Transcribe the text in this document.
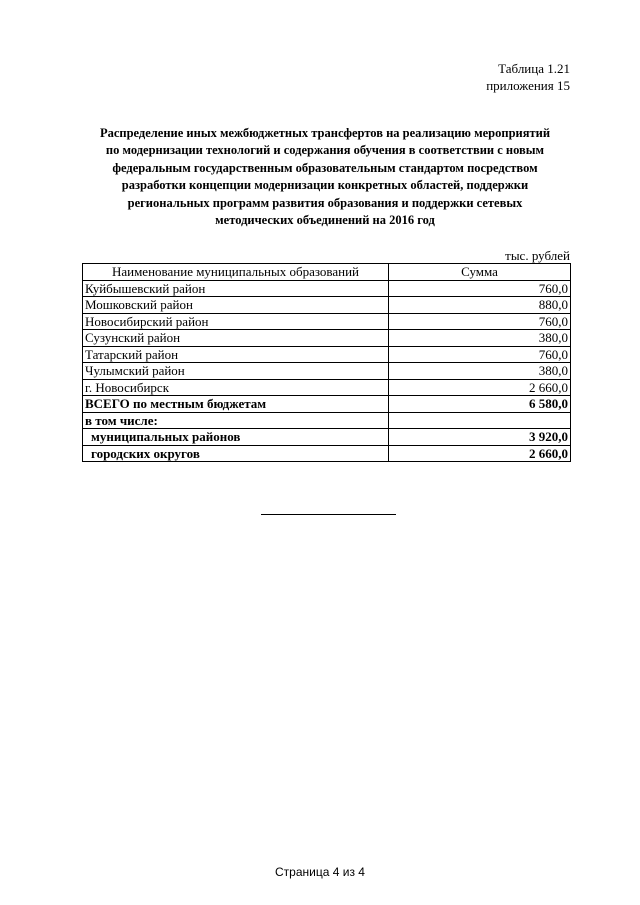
Таблица 1.21
приложения 15
Распределение иных межбюджетных трансфертов на реализацию мероприятий
по модернизации технологий и содержания обучения в соответствии с новым
федеральным государственным образовательным стандартом посредством
разработки концепции модернизации конкретных областей, поддержки
региональных программ развития образования и поддержки сетевых
методических объединений на 2016 год
тыс. рублей
Наименование муниципальных образований	Сумма
Куйбышевский район	760,0
Мошковский район	880,0
Новосибирский район	760,0
Сузунский район	380,0
Татарский район	760,0
Чулымский район	380,0
г. Новосибирск	2 660,0
ВСЕГО по местным бюджетам	6 580,0
в том числе:	
муниципальных районов	3 920,0
городских округов	2 660,0
Страница 4 из 4
